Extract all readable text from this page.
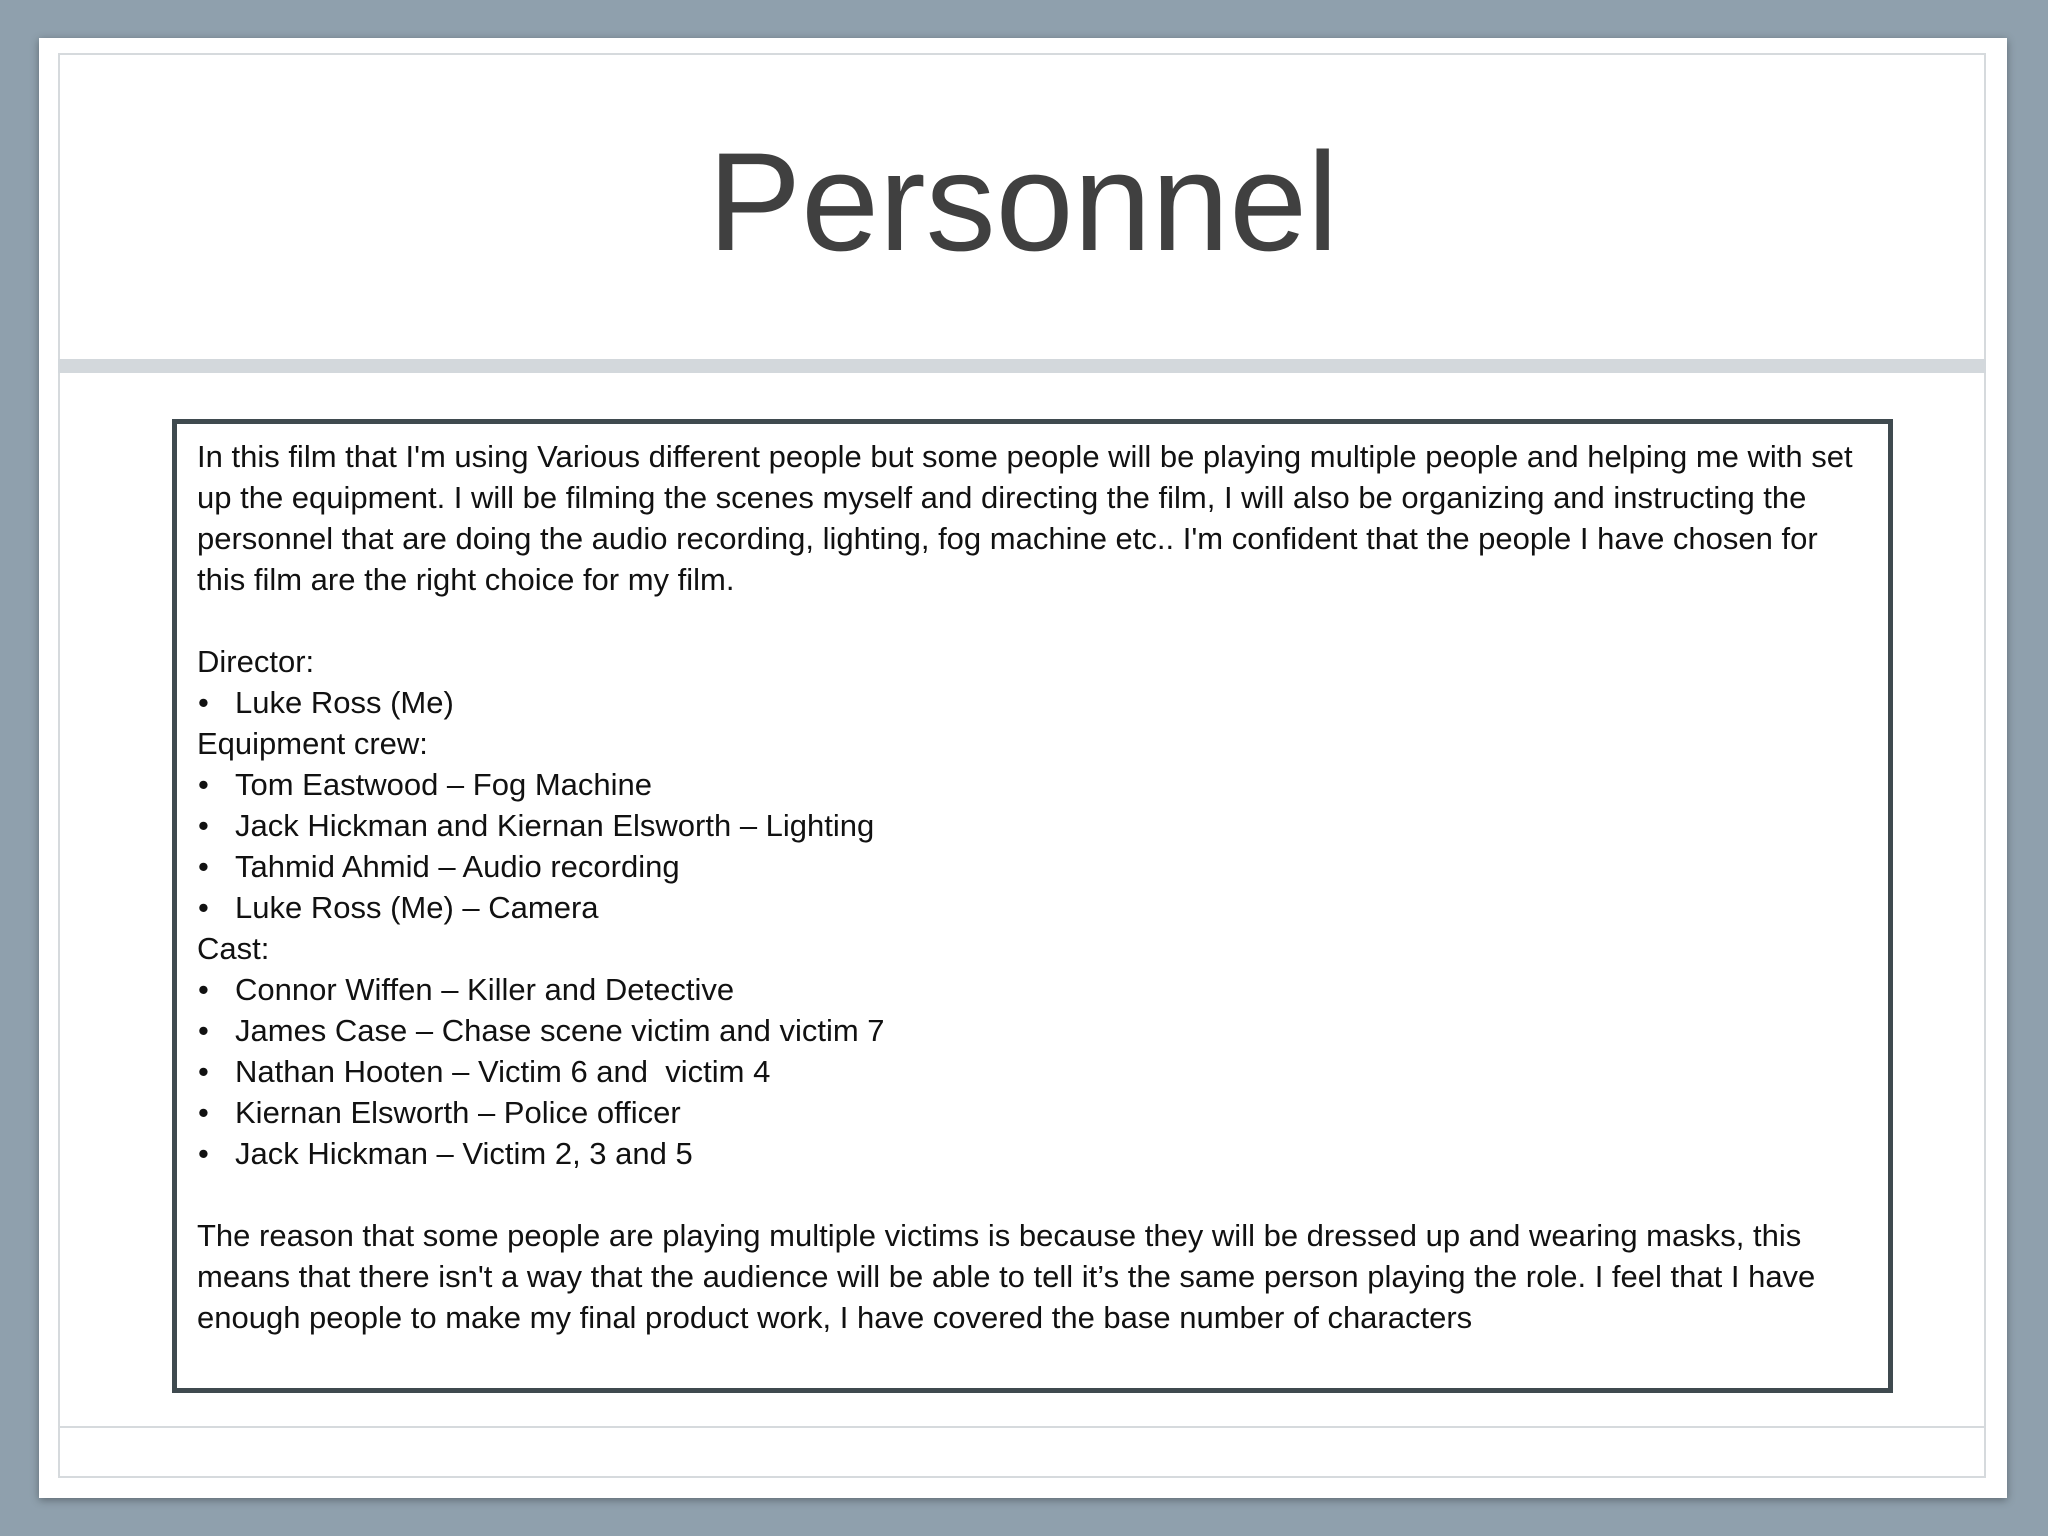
Personnel

In this film that I'm using Various different people but some people will be playing multiple people and helping me with set up the equipment. I will be filming the scenes myself and directing the film, I will also be organizing and instructing the personnel that are doing the audio recording, lighting, fog machine etc.. I'm confident that the people I have chosen for this film are the right choice for my film.

Director:

• Luke Ross (Me)

Equipment crew:

• Tom Eastwood – Fog Machine
• Jack Hickman and Kiernan Elsworth – Lighting
• Tahmid Ahmid – Audio recording
• Luke Ross (Me) – Camera

Cast:

• Connor Wiffen – Killer and Detective
• James Case – Chase scene victim and victim 7
• Nathan Hooten – Victim 6 and  victim 4
• Kiernan Elsworth – Police officer
• Jack Hickman – Victim 2, 3 and 5

The reason that some people are playing multiple victims is because they will be dressed up and wearing masks, this means that there isn't a way that the audience will be able to tell it’s the same person playing the role. I feel that I have enough people to make my final product work, I have covered the base number of characters
